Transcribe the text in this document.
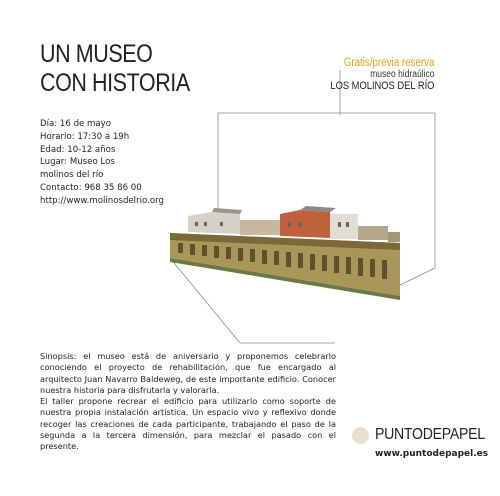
UN MUSEO
CON HISTORIA
Día: 16 de mayo
Horario: 17:30 a 19h
Edad: 10-12 años
Lugar: Museo Los
molinos del río
Contacto: 968 35 86 00
http://www.molinosdelrio.org
Gratis/previa reserva
museo hidraúlico
LOS MOLINOS DEL RÍO

Sinopsis: el museo está de aniversario y proponemos celebrarlo conociendo el proyecto de rehabilitación, que fue encargado al arquitecto Juan Navarro Baldeweg, de este importante edificio. Conocer nuestra historia para disfrutarla y valorarla.

El taller propone recrear el edificio para utilizarlo como soporte de nuestra propia instalación artística. Un espacio vivo y reflexivo donde recoger las creaciones de cada participante, trabajando el paso de la segunda a la tercera dimensión, para mezclar el pasado con el presente.

PUNTODEPAPEL
www.puntodepapel.es
